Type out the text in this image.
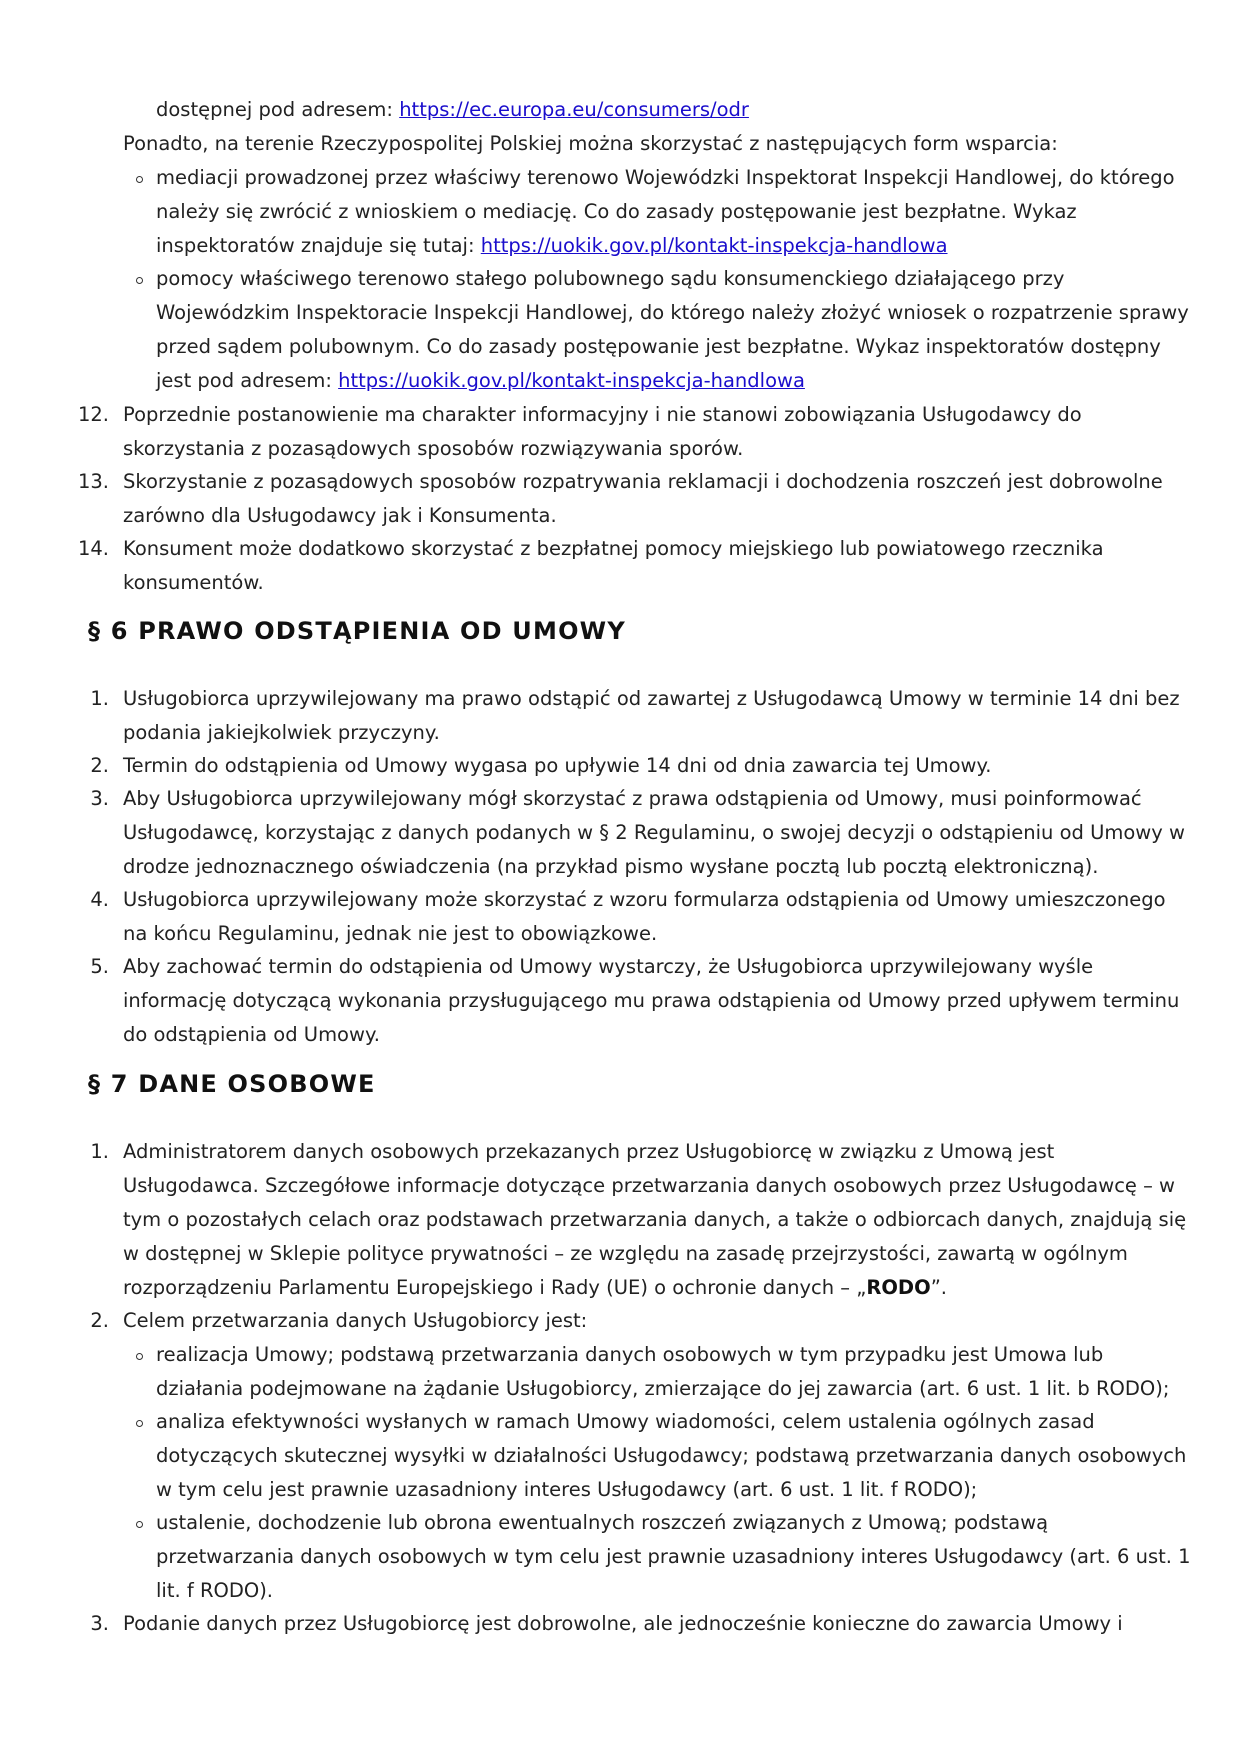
dostępnej pod adresem: https://ec.europa.eu/consumers/odr
Ponadto, na terenie Rzeczypospolitej Polskiej można skorzystać z następujących form wsparcia:
mediacji prowadzonej przez właściwy terenowo Wojewódzki Inspektorat Inspekcji Handlowej, do którego
należy się zwrócić z wnioskiem o mediację. Co do zasady postępowanie jest bezpłatne. Wykaz
inspektoratów znajduje się tutaj: https://uokik.gov.pl/kontakt-inspekcja-handlowa
pomocy właściwego terenowo stałego polubownego sądu konsumenckiego działającego przy
Wojewódzkim Inspektoracie Inspekcji Handlowej, do którego należy złożyć wniosek o rozpatrzenie sprawy
przed sądem polubownym. Co do zasady postępowanie jest bezpłatne. Wykaz inspektoratów dostępny
jest pod adresem: https://uokik.gov.pl/kontakt-inspekcja-handlowa
12. Poprzednie postanowienie ma charakter informacyjny i nie stanowi zobowiązania Usługodawcy do
skorzystania z pozasądowych sposobów rozwiązywania sporów.
13. Skorzystanie z pozasądowych sposobów rozpatrywania reklamacji i dochodzenia roszczeń jest dobrowolne
zarówno dla Usługodawcy jak i Konsumenta.
14. Konsument może dodatkowo skorzystać z bezpłatnej pomocy miejskiego lub powiatowego rzecznika
konsumentów.
§ 6 PRAWO ODSTĄPIENIA OD UMOWY
1. Usługobiorca uprzywilejowany ma prawo odstąpić od zawartej z Usługodawcą Umowy w terminie 14 dni bez
podania jakiejkolwiek przyczyny.
2. Termin do odstąpienia od Umowy wygasa po upływie 14 dni od dnia zawarcia tej Umowy.
3. Aby Usługobiorca uprzywilejowany mógł skorzystać z prawa odstąpienia od Umowy, musi poinformować
Usługodawcę, korzystając z danych podanych w § 2 Regulaminu, o swojej decyzji o odstąpieniu od Umowy w
drodze jednoznacznego oświadczenia (na przykład pismo wysłane pocztą lub pocztą elektroniczną).
4. Usługobiorca uprzywilejowany może skorzystać z wzoru formularza odstąpienia od Umowy umieszczonego
na końcu Regulaminu, jednak nie jest to obowiązkowe.
5. Aby zachować termin do odstąpienia od Umowy wystarczy, że Usługobiorca uprzywilejowany wyśle
informację dotyczącą wykonania przysługującego mu prawa odstąpienia od Umowy przed upływem terminu
do odstąpienia od Umowy.
§ 7 DANE OSOBOWE
1. Administratorem danych osobowych przekazanych przez Usługobiorcę w związku z Umową jest
Usługodawca. Szczegółowe informacje dotyczące przetwarzania danych osobowych przez Usługodawcę – w
tym o pozostałych celach oraz podstawach przetwarzania danych, a także o odbiorcach danych, znajdują się
w dostępnej w Sklepie polityce prywatności – ze względu na zasadę przejrzystości, zawartą w ogólnym
rozporządzeniu Parlamentu Europejskiego i Rady (UE) o ochronie danych – „RODO”.
2. Celem przetwarzania danych Usługobiorcy jest:
realizacja Umowy; podstawą przetwarzania danych osobowych w tym przypadku jest Umowa lub
działania podejmowane na żądanie Usługobiorcy, zmierzające do jej zawarcia (art. 6 ust. 1 lit. b RODO);
analiza efektywności wysłanych w ramach Umowy wiadomości, celem ustalenia ogólnych zasad
dotyczących skutecznej wysyłki w działalności Usługodawcy; podstawą przetwarzania danych osobowych
w tym celu jest prawnie uzasadniony interes Usługodawcy (art. 6 ust. 1 lit. f RODO);
ustalenie, dochodzenie lub obrona ewentualnych roszczeń związanych z Umową; podstawą
przetwarzania danych osobowych w tym celu jest prawnie uzasadniony interes Usługodawcy (art. 6 ust. 1
lit. f RODO).
3. Podanie danych przez Usługobiorcę jest dobrowolne, ale jednocześnie konieczne do zawarcia Umowy i
